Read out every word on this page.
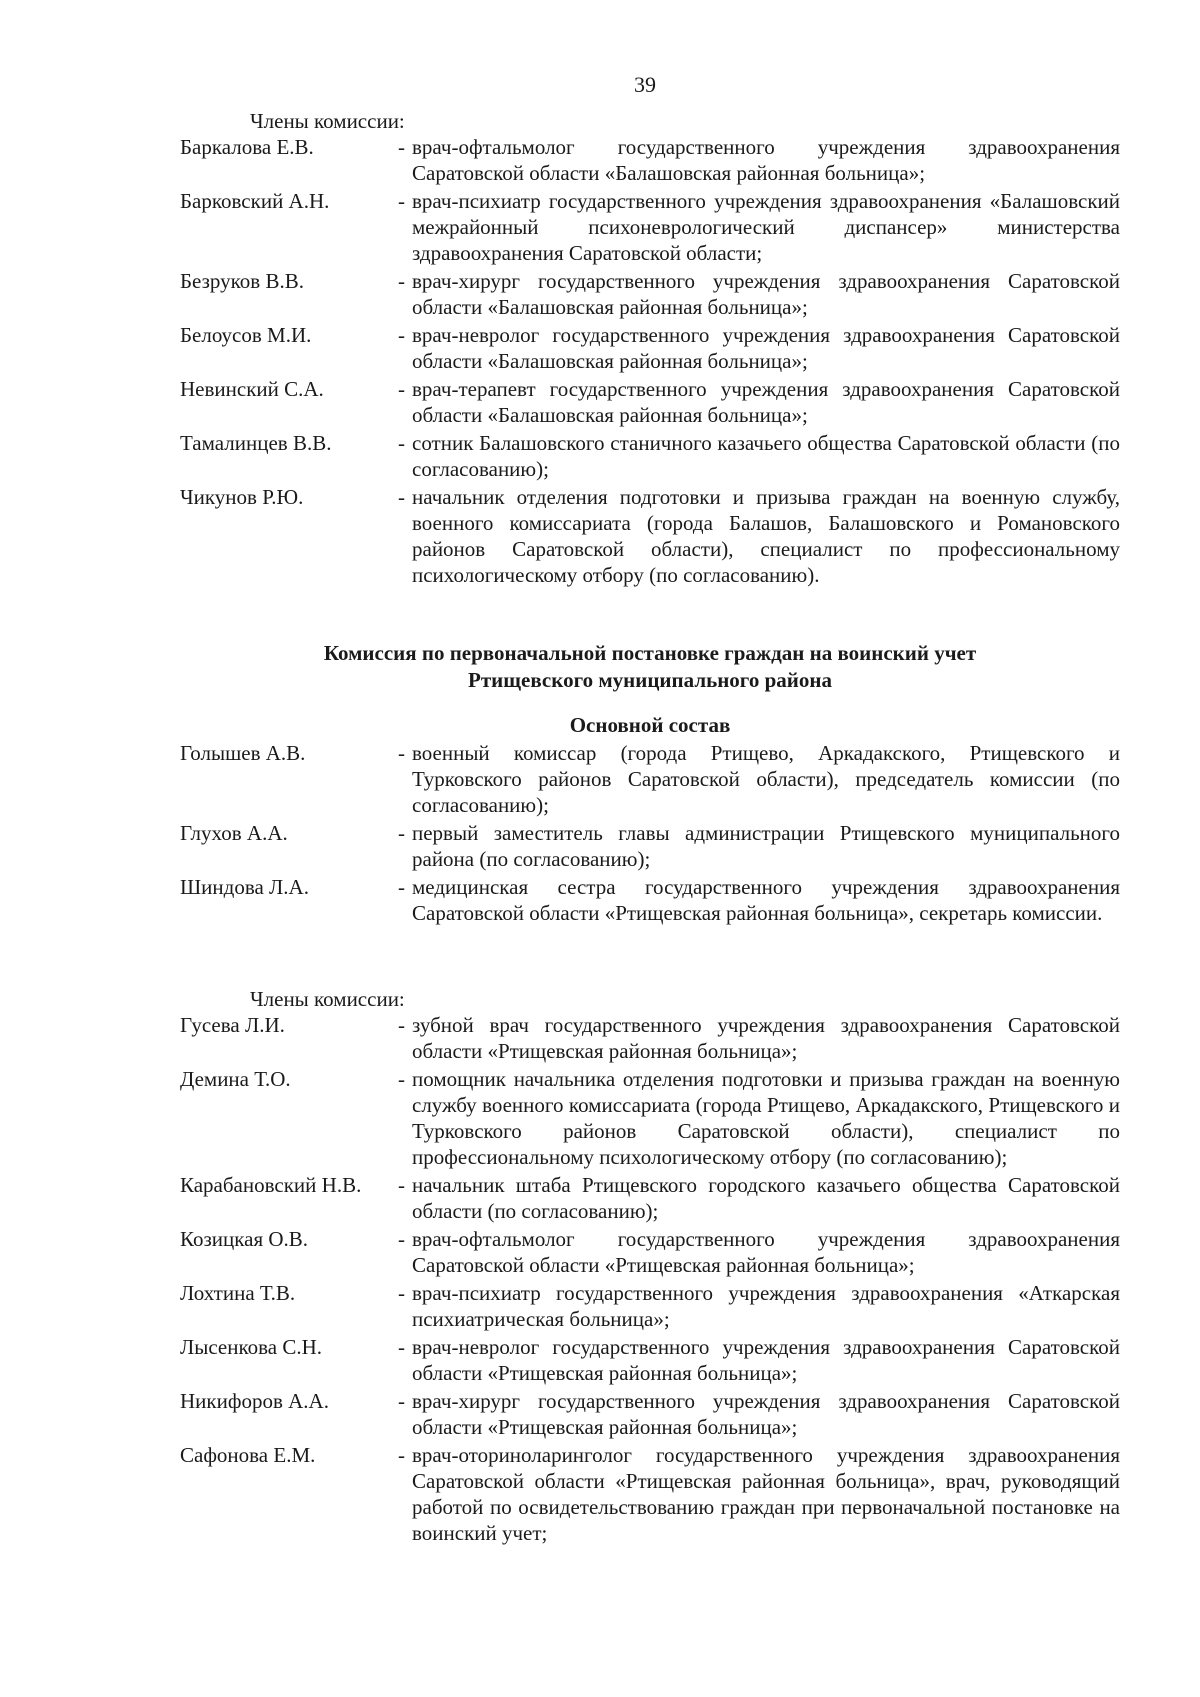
39

Члены комиссии:

Баркалова Е.В.	- врач-офтальмолог государственного учреждения здравоохранения Саратовской области «Балашовская районная больница»;
Барковский А.Н.	- врач-психиатр государственного учреждения здравоохранения «Балашовский межрайонный психоневрологический диспансер» министерства здравоохранения Саратовской области;
Безруков В.В.	- врач-хирург государственного учреждения здравоохранения Саратовской области «Балашовская районная больница»;
Белоусов М.И.	- врач-невролог государственного учреждения здравоохранения Саратовской области «Балашовская районная больница»;
Невинский С.А.	- врач-терапевт государственного учреждения здравоохранения Саратовской области «Балашовская районная больница»;
Тамалинцев В.В.	- сотник Балашовского станичного казачьего общества Саратовской области (по согласованию);
Чикунов Р.Ю.	- начальник отделения подготовки и призыва граждан на военную службу, военного комиссариата (города Балашов, Балашовского и Романовского районов Саратовской области), специалист по профессиональному психологическому отбору (по согласованию).
Комиссия по первоначальной постановке граждан на воинский учет
Ртищевского муниципального района
Основной состав
Голышев А.В.	- военный комиссар (города Ртищево, Аркадакского, Ртищевского и Турковского районов Саратовской области), председатель комиссии (по согласованию);
Глухов А.А.	- первый заместитель главы администрации Ртищевского муниципального района (по согласованию);
Шиндова Л.А.	- медицинская сестра государственного учреждения здравоохранения Саратовской области «Ртищевская районная больница», секретарь комиссии.

Члены комиссии:

Гусева Л.И.	- зубной врач государственного учреждения здравоохранения Саратовской области «Ртищевская районная больница»;
Демина Т.О.	- помощник начальника отделения подготовки и призыва граждан на военную службу военного комиссариата (города Ртищево, Аркадакского, Ртищевского и Турковского районов Саратовской области), специалист по профессиональному психологическому отбору (по согласованию);
Карабановский Н.В.	- начальник штаба Ртищевского городского казачьего общества Саратовской области (по согласованию);
Козицкая О.В.	- врач-офтальмолог государственного учреждения здравоохранения Саратовской области «Ртищевская районная больница»;
Лохтина Т.В.	- врач-психиатр государственного учреждения здравоохранения «Аткарская психиатрическая больница»;
Лысенкова С.Н.	- врач-невролог государственного учреждения здравоохранения Саратовской области «Ртищевская районная больница»;
Никифоров А.А.	- врач-хирург государственного учреждения здравоохранения Саратовской области «Ртищевская районная больница»;
Сафонова Е.М.	- врач-оториноларинголог государственного учреждения здравоохранения Саратовской области «Ртищевская районная больница», врач, руководящий работой по освидетельствованию граждан при первоначальной постановке на воинский учет;
